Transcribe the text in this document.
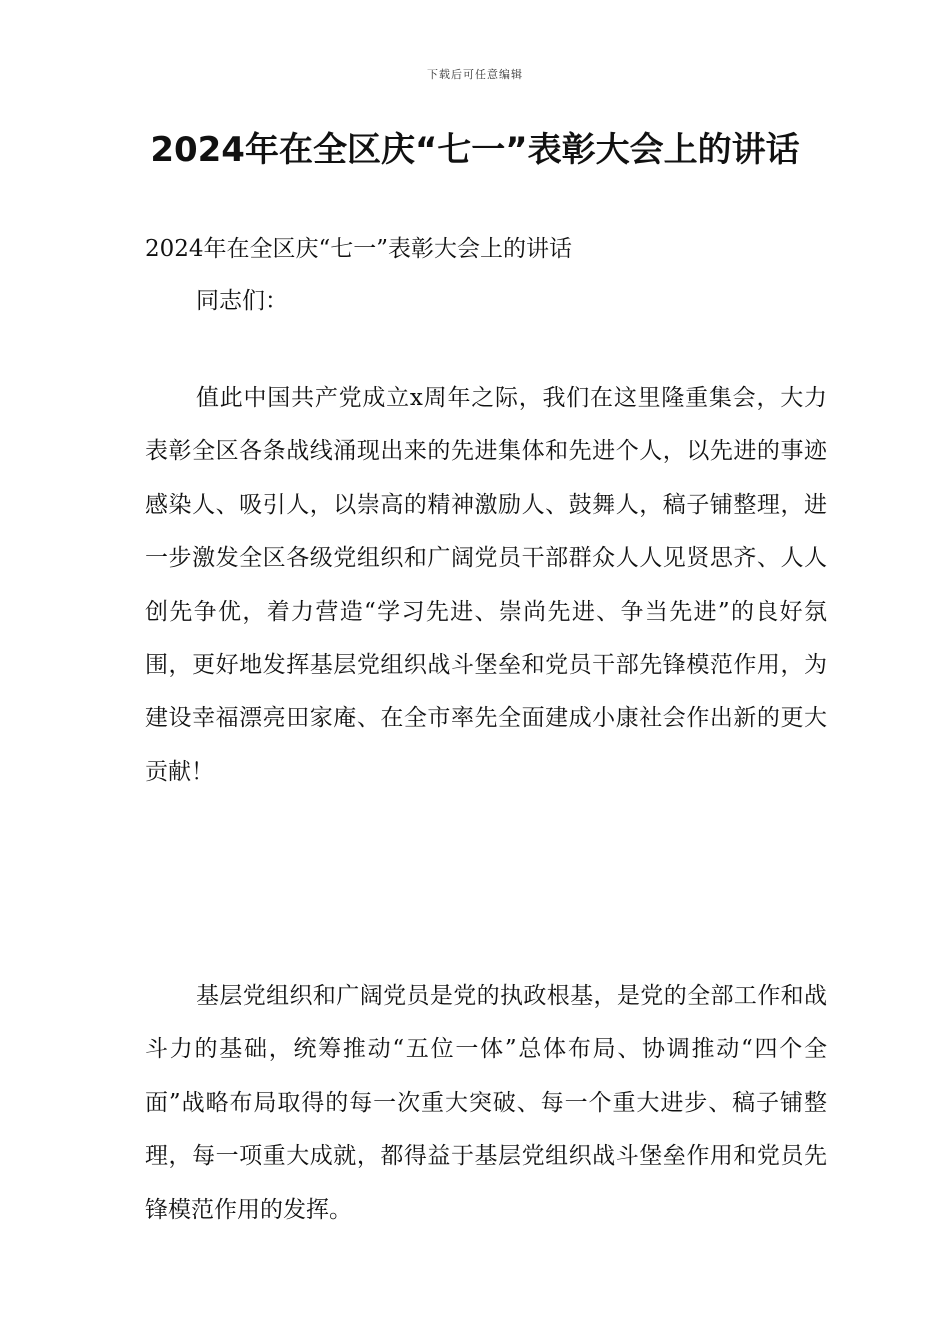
下载后可任意编辑
2024年在全区庆“七一”表彰大会上的讲话
2024年在全区庆“七一”表彰大会上的讲话
同志们：

值此中国共产党成立x周年之际，我们在这里隆重集会，大力表彰全区各条战线涌现出来的先进集体和先进个人，以先进的事迹感染人、吸引人，以崇高的精神激励人、鼓舞人，稿子铺整理，进一步激发全区各级党组织和广阔党员干部群众人人见贤思齐、人人创先争优，着力营造“学习先进、崇尚先进、争当先进”的良好氛围，更好地发挥基层党组织战斗堡垒和党员干部先锋模范作用，为建设幸福漂亮田家庵、在全市率先全面建成小康社会作出新的更大贡献！

基层党组织和广阔党员是党的执政根基，是党的全部工作和战斗力的基础，统筹推动“五位一体”总体布局、协调推动“四个全面”战略布局取得的每一次重大突破、每一个重大进步、稿子铺整理，每一项重大成就，都得益于基层党组织战斗堡垒作用和党员先锋模范作用的发挥。
